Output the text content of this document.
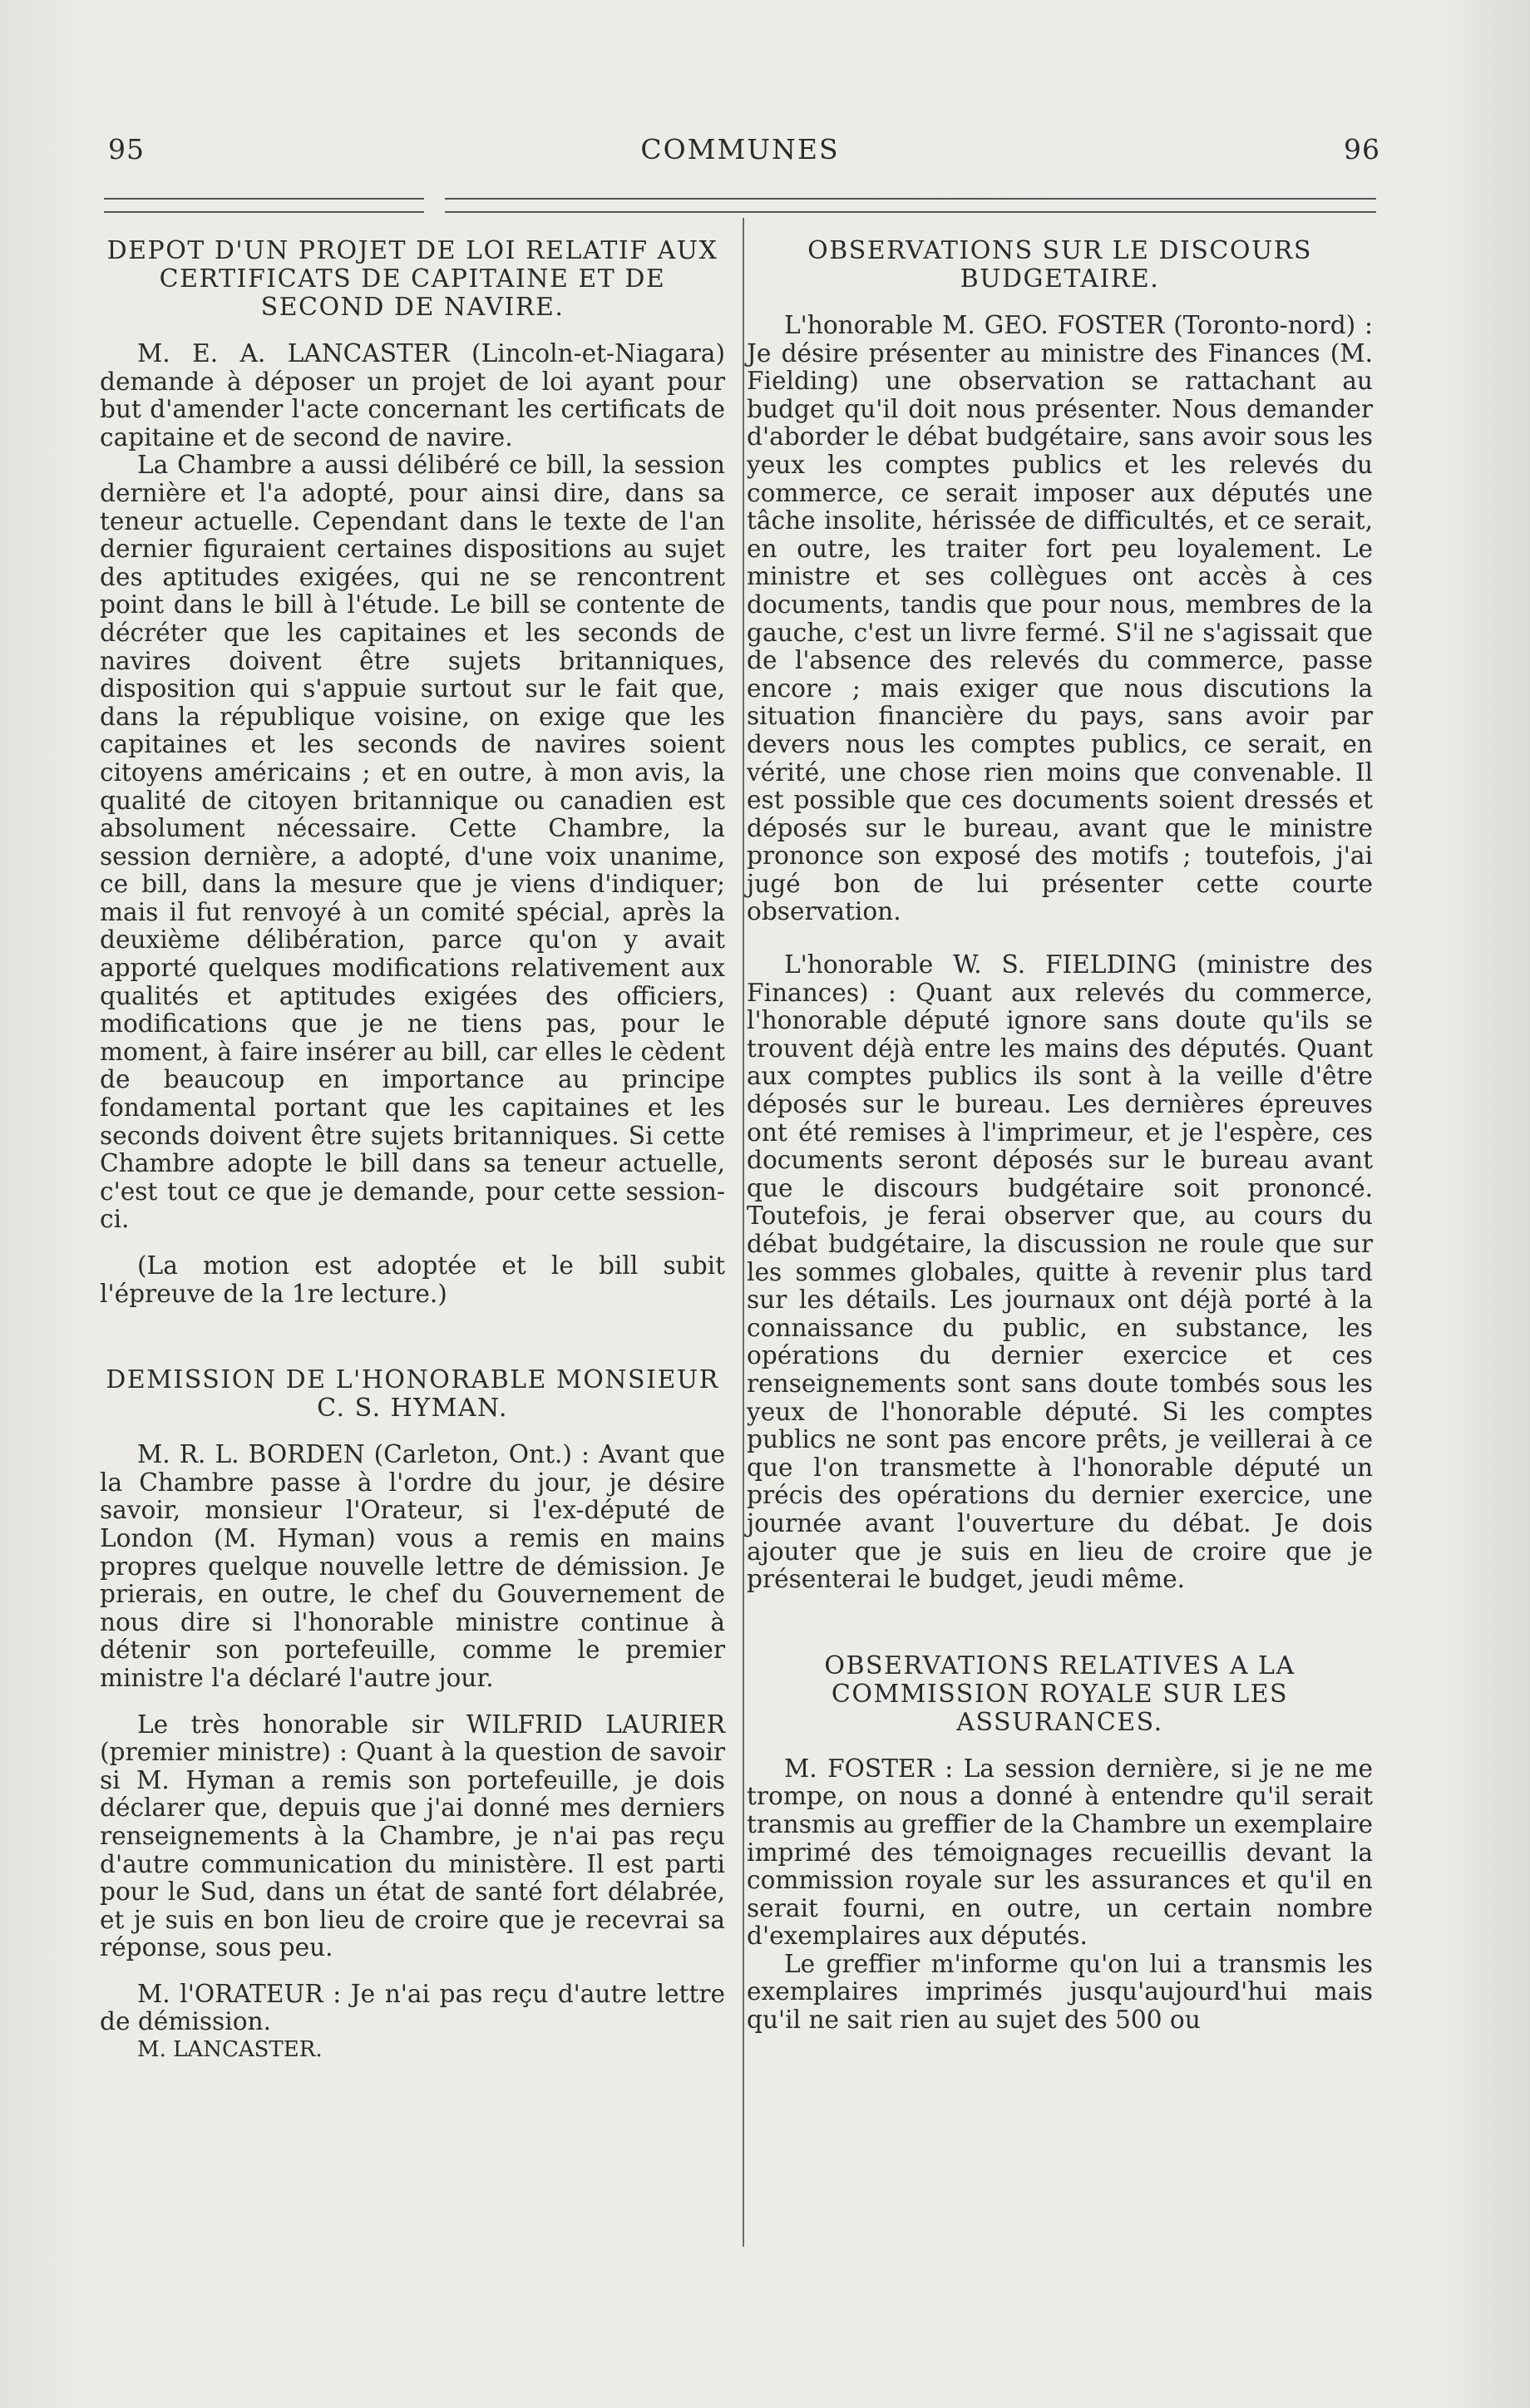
95	COMMUNES	96
DEPOT D'UN PROJET DE LOI RELATIF AUX CERTIFICATS DE CAPITAINE ET DE SECOND DE NAVIRE.

M. E. A. LANCASTER (Lincoln-et-Niagara) demande à déposer un projet de loi ayant pour but d'amender l'acte concernant les certificats de capitaine et de second de navire.

La Chambre a aussi délibéré ce bill, la session dernière et l'a adopté, pour ainsi dire, dans sa teneur actuelle. Cependant dans le texte de l'an dernier figuraient certaines dispositions au sujet des aptitudes exigées, qui ne se rencontrent point dans le bill à l'étude. Le bill se contente de décréter que les capitaines et les seconds de navires doivent être sujets britanniques, disposition qui s'appuie surtout sur le fait que, dans la république voisine, on exige que les capitaines et les seconds de navires soient citoyens américains ; et en outre, à mon avis, la qualité de citoyen britannique ou canadien est absolument nécessaire. Cette Chambre, la session dernière, a adopté, d'une voix unanime, ce bill, dans la mesure que je viens d'indiquer; mais il fut renvoyé à un comité spécial, après la deuxième délibération, parce qu'on y avait apporté quelques modifications relativement aux qualités et aptitudes exigées des officiers, modifications que je ne tiens pas, pour le moment, à faire insérer au bill, car elles le cèdent de beaucoup en importance au principe fondamental portant que les capitaines et les seconds doivent être sujets britanniques. Si cette Chambre adopte le bill dans sa teneur actuelle, c'est tout ce que je demande, pour cette session-ci.

(La motion est adoptée et le bill subit l'épreuve de la 1re lecture.)

DEMISSION DE L'HONORABLE MONSIEUR C. S. HYMAN.

M. R. L. BORDEN (Carleton, Ont.) : Avant que la Chambre passe à l'ordre du jour, je désire savoir, monsieur l'Orateur, si l'ex-député de London (M. Hyman) vous a remis en mains propres quelque nouvelle lettre de démission. Je prierais, en outre, le chef du Gouvernement de nous dire si l'honorable ministre continue à détenir son portefeuille, comme le premier ministre l'a déclaré l'autre jour.

Le très honorable sir WILFRID LAURIER (premier ministre) : Quant à la question de savoir si M. Hyman a remis son portefeuille, je dois déclarer que, depuis que j'ai donné mes derniers renseignements à la Chambre, je n'ai pas reçu d'autre communication du ministère. Il est parti pour le Sud, dans un état de santé fort délabrée, et je suis en bon lieu de croire que je recevrai sa réponse, sous peu.

M. l'ORATEUR : Je n'ai pas reçu d'autre lettre de démission.

M. LANCASTER.

OBSERVATIONS SUR LE DISCOURS BUDGETAIRE.

L'honorable M. GEO. FOSTER (Toronto-nord) : Je désire présenter au ministre des Finances (M. Fielding) une observation se rattachant au budget qu'il doit nous présenter. Nous demander d'aborder le débat budgétaire, sans avoir sous les yeux les comptes publics et les relevés du commerce, ce serait imposer aux députés une tâche insolite, hérissée de difficultés, et ce serait, en outre, les traiter fort peu loyalement. Le ministre et ses collègues ont accès à ces documents, tandis que pour nous, membres de la gauche, c'est un livre fermé. S'il ne s'agissait que de l'absence des relevés du commerce, passe encore ; mais exiger que nous discutions la situation financière du pays, sans avoir par devers nous les comptes publics, ce serait, en vérité, une chose rien moins que convenable. Il est possible que ces documents soient dressés et déposés sur le bureau, avant que le ministre prononce son exposé des motifs ; toutefois, j'ai jugé bon de lui présenter cette courte observation.

L'honorable W. S. FIELDING (ministre des Finances) : Quant aux relevés du commerce, l'honorable député ignore sans doute qu'ils se trouvent déjà entre les mains des députés. Quant aux comptes publics ils sont à la veille d'être déposés sur le bureau. Les dernières épreuves ont été remises à l'imprimeur, et je l'espère, ces documents seront déposés sur le bureau avant que le discours budgétaire soit prononcé. Toutefois, je ferai observer que, au cours du débat budgétaire, la discussion ne roule que sur les sommes globales, quitte à revenir plus tard sur les détails. Les journaux ont déjà porté à la connaissance du public, en substance, les opérations du dernier exercice et ces renseignements sont sans doute tombés sous les yeux de l'honorable député. Si les comptes publics ne sont pas encore prêts, je veillerai à ce que l'on transmette à l'honorable député un précis des opérations du dernier exercice, une journée avant l'ouverture du débat. Je dois ajouter que je suis en lieu de croire que je présenterai le budget, jeudi même.

OBSERVATIONS RELATIVES A LA COMMISSION ROYALE SUR LES ASSURANCES.

M. FOSTER : La session dernière, si je ne me trompe, on nous a donné à entendre qu'il serait transmis au greffier de la Chambre un exemplaire imprimé des témoignages recueillis devant la commission royale sur les assurances et qu'il en serait fourni, en outre, un certain nombre d'exemplaires aux députés.

Le greffier m'informe qu'on lui a transmis les exemplaires imprimés jusqu'aujourd'hui mais qu'il ne sait rien au sujet des 500 ou
